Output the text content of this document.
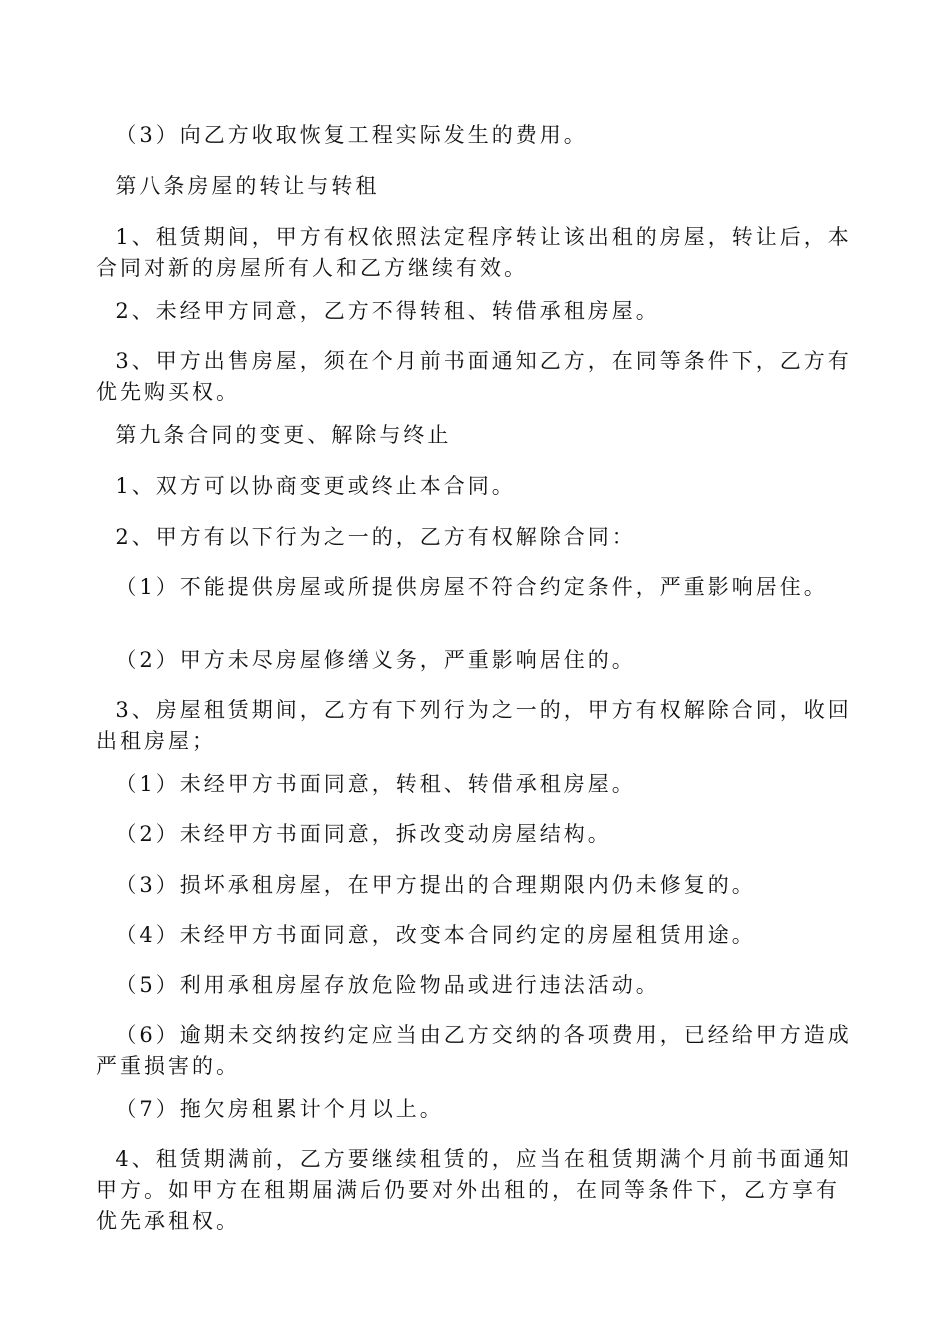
（3）向乙方收取恢复工程实际发生的费用。

第八条房屋的转让与转租

1、租赁期间，甲方有权依照法定程序转让该出租的房屋，转让后，本合同对新的房屋所有人和乙方继续有效。

2、未经甲方同意，乙方不得转租、转借承租房屋。

3、甲方出售房屋，须在个月前书面通知乙方，在同等条件下，乙方有优先购买权。

第九条合同的变更、解除与终止

1、双方可以协商变更或终止本合同。

2、甲方有以下行为之一的，乙方有权解除合同：

（1）不能提供房屋或所提供房屋不符合约定条件，严重影响居住。

（2）甲方未尽房屋修缮义务，严重影响居住的。

3、房屋租赁期间，乙方有下列行为之一的，甲方有权解除合同，收回出租房屋；

（1）未经甲方书面同意，转租、转借承租房屋。

（2）未经甲方书面同意，拆改变动房屋结构。

（3）损坏承租房屋，在甲方提出的合理期限内仍未修复的。

（4）未经甲方书面同意，改变本合同约定的房屋租赁用途。

（5）利用承租房屋存放危险物品或进行违法活动。

（6）逾期未交纳按约定应当由乙方交纳的各项费用，已经给甲方造成严重损害的。

（7）拖欠房租累计个月以上。

4、租赁期满前，乙方要继续租赁的，应当在租赁期满个月前书面通知甲方。如甲方在租期届满后仍要对外出租的，在同等条件下，乙方享有优先承租权。
